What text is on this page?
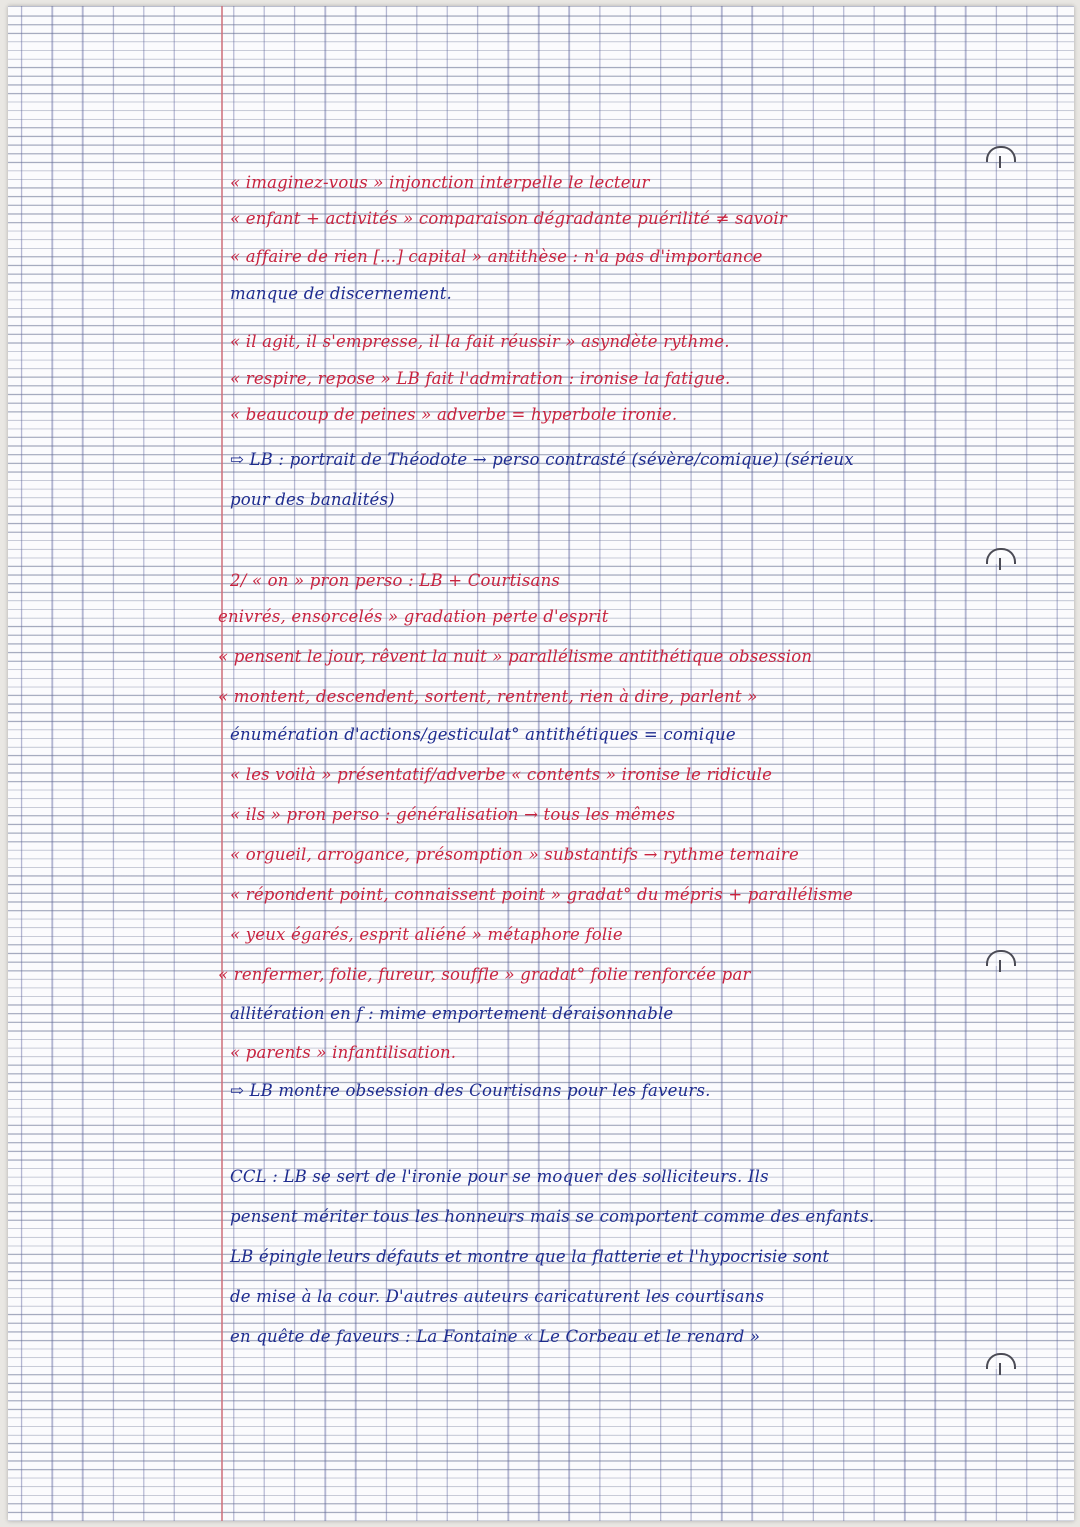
« imaginez-vous » injonction interpelle le lecteur
« enfant + activités » comparaison dégradante puérilité ≠ savoir
« affaire de rien [...] capital » antithèse : n'a pas d'importance
manque de discernement.
« il agit, il s'empresse, il la fait réussir » asyndète rythme.
« respire, repose » LB fait l'admiration : ironise la fatigue.
« beaucoup de peines » adverbe = hyperbole ironie.
⇨ LB : portrait de Théodote → perso contrasté (sévère/comique) (sérieux
pour des banalités)
2/ « on » pron perso : LB + Courtisans
enivrés, ensorcelés » gradation perte d'esprit
« pensent le jour, rêvent la nuit » parallélisme antithétique obsession
« montent, descendent, sortent, rentrent, rien à dire, parlent »
énumération d'actions/gesticulat° antithétiques = comique
« les voilà » présentatif/adverbe « contents » ironise le ridicule
« ils » pron perso : généralisation → tous les mêmes
« orgueil, arrogance, présomption » substantifs → rythme ternaire
« répondent point, connaissent point » gradat° du mépris + parallélisme
« yeux égarés, esprit aliéné » métaphore folie
« renfermer, folie, fureur, souffle » gradat° folie renforcée par
allitération en f : mime emportement déraisonnable
« parents » infantilisation.
⇨ LB montre obsession des Courtisans pour les faveurs.
CCL : LB se sert de l'ironie pour se moquer des solliciteurs. Ils
pensent mériter tous les honneurs mais se comportent comme des enfants.
LB épingle leurs défauts et montre que la flatterie et l'hypocrisie sont
de mise à la cour. D'autres auteurs caricaturent les courtisans
en quête de faveurs : La Fontaine « Le Corbeau et le renard »
